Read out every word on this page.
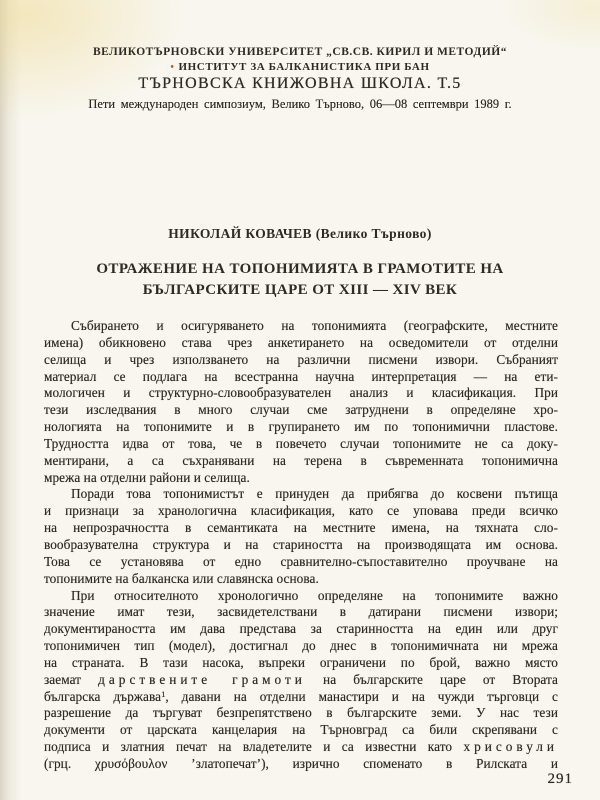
ВЕЛИКОТЪРНОВСКИ УНИВЕРСИТЕТ „СВ.СВ. КИРИЛ И МЕТОДИЙ“
• ИНСТИТУТ ЗА БАЛКАНИСТИКА ПРИ БАН
ТЪРНОВСКА КНИЖОВНА ШКОЛА. Т.5
Пети международен симпозиум, Велико Търново, 06—08 септември 1989 г.
НИКОЛАЙ КОВАЧЕВ (Велико Търново)
ОТРАЖЕНИЕ НА ТОПОНИМИЯТА В ГРАМОТИТЕ НА
БЪЛГАРСКИТЕ ЦАРЕ ОТ XIII — XIV ВЕК
Събирането и осигуряването на топонимията (географските, местните
имена) обикновено става чрез анкетирането на осведомители от отделни
селища и чрез използването на различни писмени извори. Събраният
материал се подлага на всестранна научна интерпретация — на ети-
мологичен и структурно-словообразувателен анализ и класификация. При
тези изследвания в много случаи сме затруднени в определяне хро-
нологията на топонимите и в групирането им по топонимични пластове.
Трудността идва от това, че в повечето случаи топонимите не са доку-
ментирани, а са съхранявани на терена в съвременната топонимична
мрежа на отделни райони и селища.
Поради това топонимистът е принуден да прибягва до косвени пътища
и признаци за хранологична класификация, като се уповава преди всичко
на непрозрачността в семантиката на местните имена, на тяхната сло-
вообразувателна структура и на стариността на производящата им основа.
Това се установява от едно сравнително-съпоставително проучване на
топонимите на балканска или славянска основа.
При относителното хронологично определяне на топонимите важно
значение имат тези, засвидетелствани в датирани писмени извори;
документираността им дава представа за старинността на един или друг
топонимичен тип (модел), достигнал до днес в топонимичната ни мрежа
на страната. В тази насока, въпреки ограничени по брой, важно място
заемат дарствените грамоти на българските царе от Втората
българска държава$^1$, давани на отделни манастири и на чужди търговци с
разрешение да търгуват безпрепятствено в българските земи. У нас тези
документи от царската канцелария на Търновград са били скрепявани с
подписа и златния печат на владетелите и са известни като хрисовули
(грц. χρυσόβουλον ’златопечат’), изрично споменато в Рилската и
291
